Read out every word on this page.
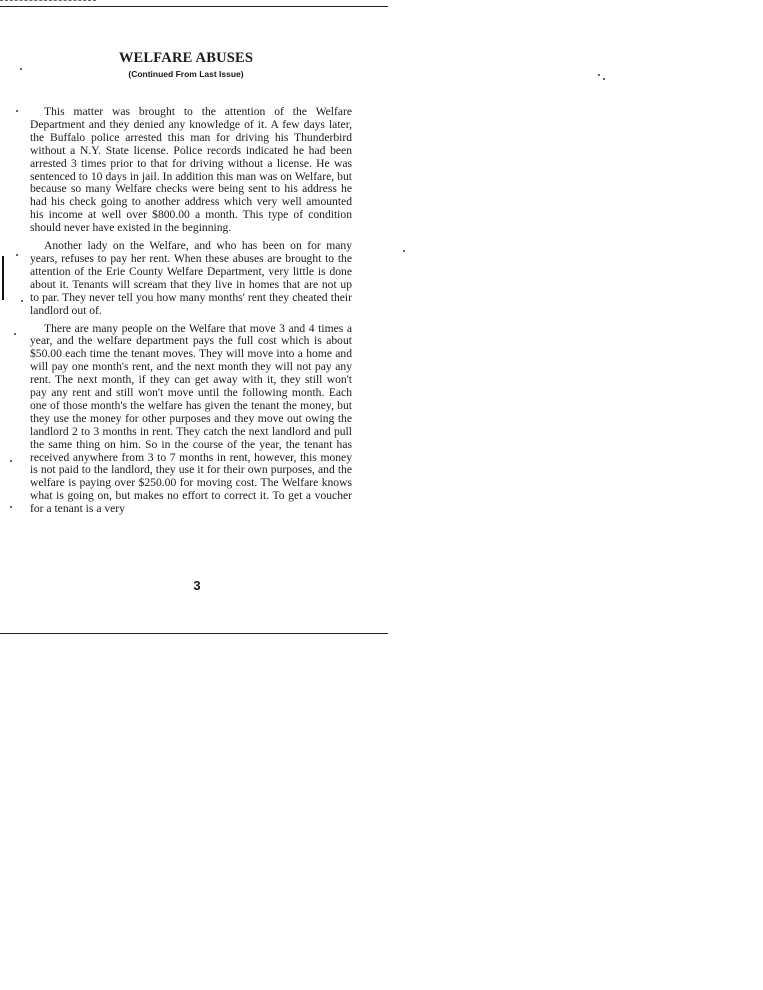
WELFARE ABUSES
(Continued From Last Issue)

This matter was brought to the attention of the Welfare Department and they denied any knowledge of it. A few days later, the Buffalo police arrested this man for driving his Thunderbird without a N.Y. State license. Police records indicated he had been arrested 3 times prior to that for driving without a license. He was sentenced to 10 days in jail. In addition this man was on Welfare, but because so many Welfare checks were being sent to his address he had his check going to another address which very well amounted his income at well over $800.00 a month. This type of condition should never have existed in the beginning.

Another lady on the Welfare, and who has been on for many years, refuses to pay her rent. When these abuses are brought to the attention of the Erie County Welfare Department, very little is done about it. Tenants will scream that they live in homes that are not up to par. They never tell you how many months' rent they cheated their landlord out of.

There are many people on the Welfare that move 3 and 4 times a year, and the welfare department pays the full cost which is about $50.00 each time the tenant moves. They will move into a home and will pay one month's rent, and the next month they will not pay any rent. The next month, if they can get away with it, they still won't pay any rent and still won't move until the following month. Each one of those month's the welfare has given the tenant the money, but they use the money for other purposes and they move out owing the landlord 2 to 3 months in rent. They catch the next landlord and pull the same thing on him. So in the course of the year, the tenant has received anywhere from 3 to 7 months in rent, however, this money is not paid to the landlord, they use it for their own purposes, and the welfare is paying over $250.00 for moving cost. The Welfare knows what is going on, but makes no effort to correct it. To get a voucher for a tenant is a very

3
